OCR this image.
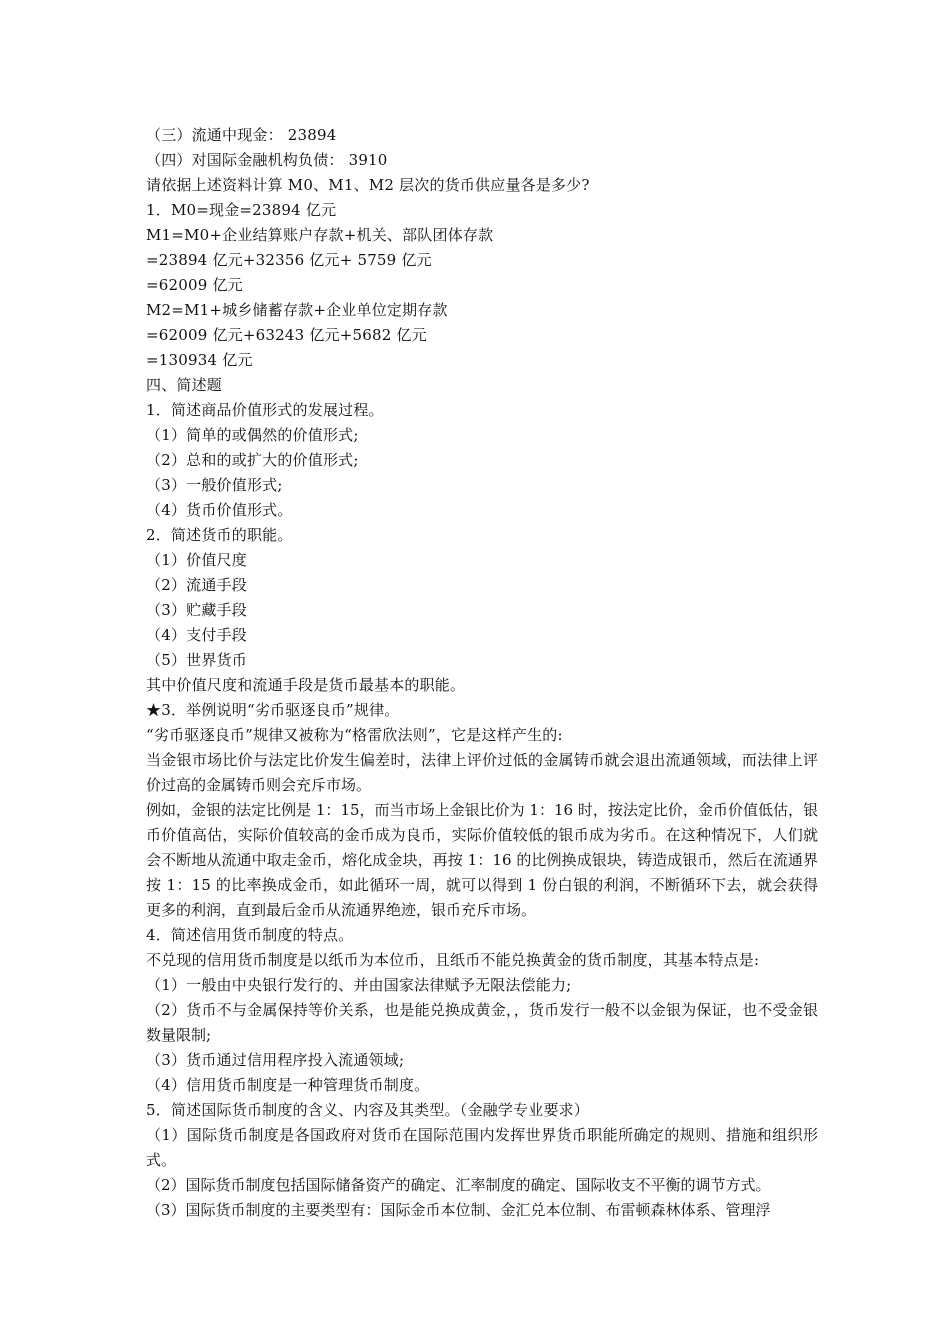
（三）流通中现金： 23894

（四）对国际金融机构负债： 3910

请依据上述资料计算 M0、M1、M2 层次的货币供应量各是多少?

1．M0=现金=23894 亿元

M1=M0+企业结算账户存款+机关、部队团体存款

=23894 亿元+32356 亿元+ 5759 亿元

=62009 亿元

M2=M1+城乡储蓄存款+企业单位定期存款

=62009 亿元+63243 亿元+5682 亿元

=130934 亿元

四、简述题

1．简述商品价值形式的发展过程。

（1）简单的或偶然的价值形式;

（2）总和的或扩大的价值形式;

（3）一般价值形式;

（4）货币价值形式。

2．简述货币的职能。

（1）价值尺度

（2）流通手段

（3）贮藏手段

（4）支付手段

（5）世界货币

其中价值尺度和流通手段是货币最基本的职能。

★3．举例说明“劣币驱逐良币”规律。

“劣币驱逐良币”规律又被称为“格雷欣法则”，它是这样产生的:

当金银市场比价与法定比价发生偏差时，法律上评价过低的金属铸币就会退出流通领域，而法律上评价过高的金属铸币则会充斥市场。

例如，金银的法定比例是 1：15，而当市场上金银比价为 1：16 时，按法定比价，金币价值低估，银币价值高估，实际价值较高的金币成为良币，实际价值较低的银币成为劣币。在这种情况下，人们就会不断地从流通中取走金币，熔化成金块，再按 1：16 的比例换成银块，铸造成银币，然后在流通界按 1：15 的比率换成金币，如此循环一周，就可以得到 1 份白银的利润，不断循环下去，就会获得更多的利润，直到最后金币从流通界绝迹，银币充斥市场。

4．简述信用货币制度的特点。

不兑现的信用货币制度是以纸币为本位币，且纸币不能兑换黄金的货币制度，其基本特点是:

（1）一般由中央银行发行的、并由国家法律赋予无限法偿能力;

（2）货币不与金属保持等价关系，也是能兑换成黄金，，货币发行一般不以金银为保证，也不受金银数量限制;

（3）货币通过信用程序投入流通领域;

（4）信用货币制度是一种管理货币制度。

5．简述国际货币制度的含义、内容及其类型。（金融学专业要求）

（1）国际货币制度是各国政府对货币在国际范围内发挥世界货币职能所确定的规则、措施和组织形式。

（2）国际货币制度包括国际储备资产的确定、汇率制度的确定、国际收支不平衡的调节方式。

（3）国际货币制度的主要类型有：国际金币本位制、金汇兑本位制、布雷顿森林体系、管理浮
